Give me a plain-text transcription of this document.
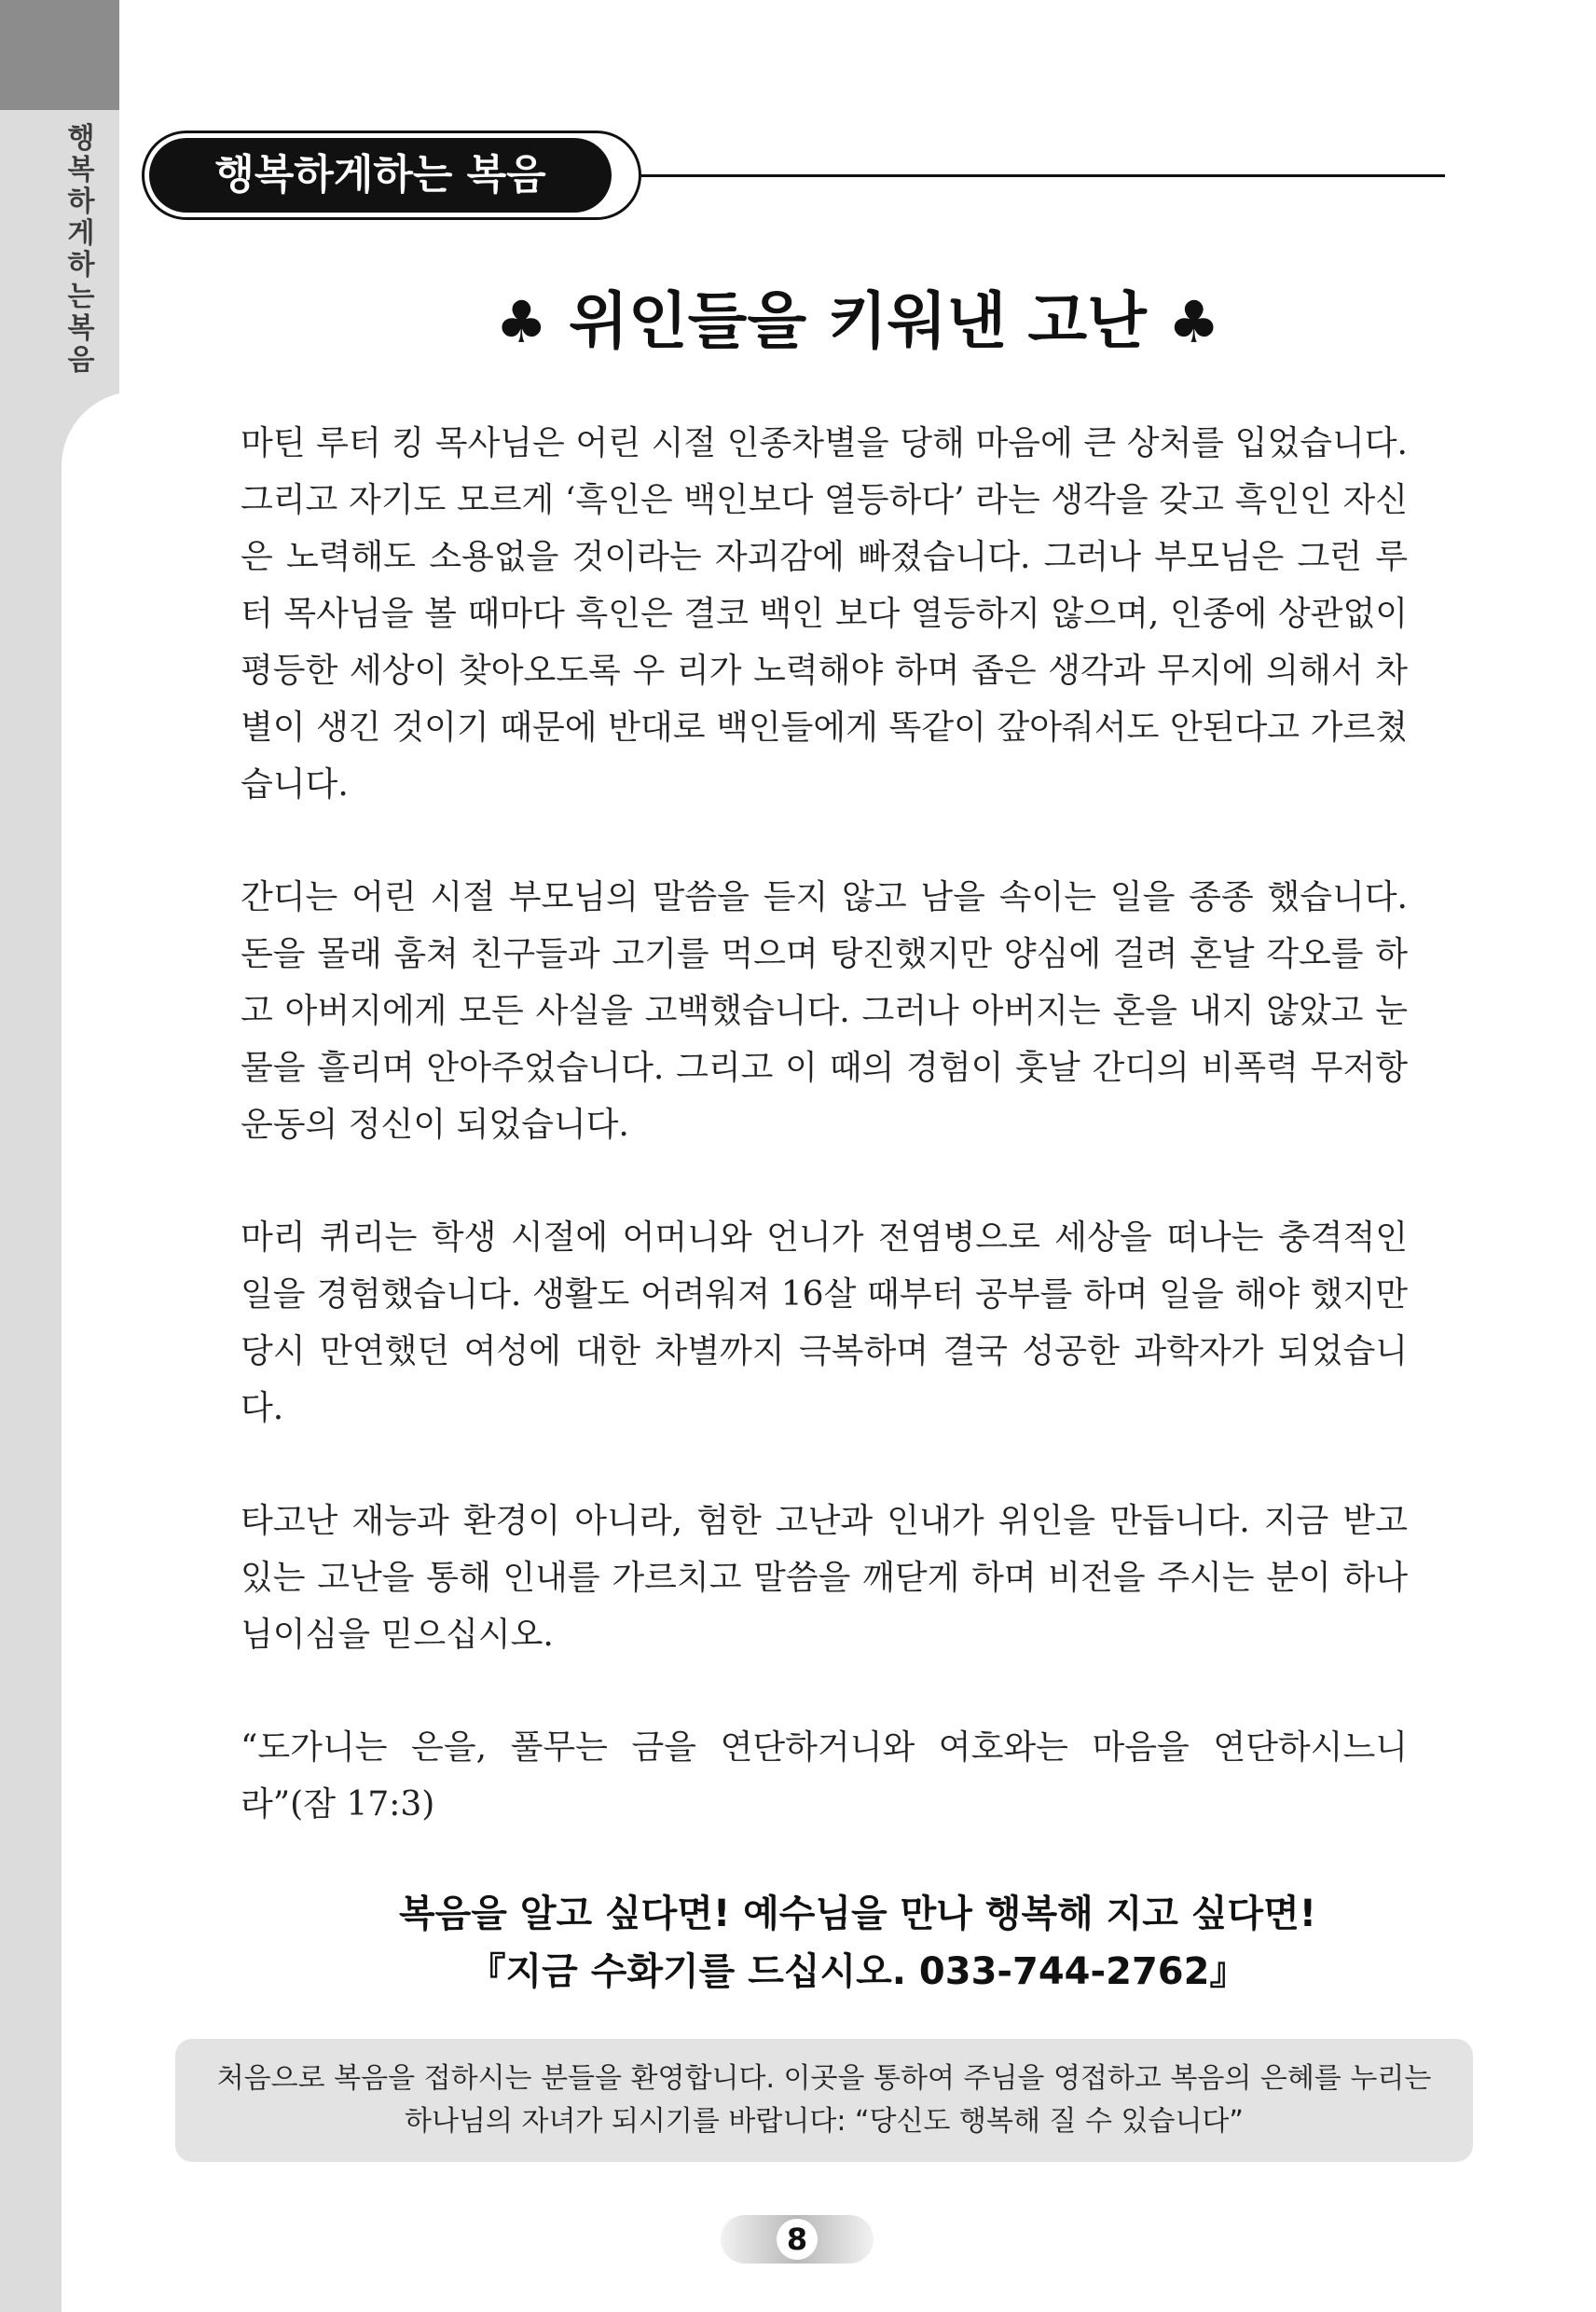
행복하게하는 복음
행복하게하는 복음
♣ 위인들을 키워낸 고난 ♣

마틴 루터 킹 목사님은 어린 시절 인종차별을 당해 마음에 큰 상처를 입었습니다. 그리고 자기도 모르게 ‘흑인은 백인보다 열등하다’ 라는 생각을 갖고 흑인인 자신은 노력해도 소용없을 것이라는 자괴감에 빠졌습니다. 그러나 부모님은 그런 루터 목사님을 볼 때마다 흑인은 결코 백인 보다 열등하지 않으며, 인종에 상관없이 평등한 세상이 찾아오도록 우 리가 노력해야 하며 좁은 생각과 무지에 의해서 차별이 생긴 것이기 때문에 반대로 백인들에게 똑같이 갚아줘서도 안된다고 가르쳤습니다.

간디는 어린 시절 부모님의 말씀을 듣지 않고 남을 속이는 일을 종종 했습니다. 돈을 몰래 훔쳐 친구들과 고기를 먹으며 탕진했지만 양심에 걸려 혼날 각오를 하고 아버지에게 모든 사실을 고백했습니다. 그러나 아버지는 혼을 내지 않았고 눈물을 흘리며 안아주었습니다. 그리고 이 때의 경험이 훗날 간디의 비폭력 무저항 운동의 정신이 되었습니다.

마리 퀴리는 학생 시절에 어머니와 언니가 전염병으로 세상을 떠나는 충격적인 일을 경험했습니다. 생활도 어려워져 16살 때부터 공부를 하며 일을 해야 했지만 당시 만연했던 여성에 대한 차별까지 극복하며 결국 성공한 과학자가 되었습니다.

타고난 재능과 환경이 아니라, 험한 고난과 인내가 위인을 만듭니다. 지금 받고 있는 고난을 통해 인내를 가르치고 말씀을 깨닫게 하며 비전을 주시는 분이 하나님이심을 믿으십시오.

“도가니는 은을, 풀무는 금을 연단하거니와 여호와는 마음을 연단하시느니라”(잠 17:3)

복음을 알고 싶다면! 예수님을 만나 행복해 지고 싶다면!
『지금 수화기를 드십시오. 033-744-2762』
처음으로 복음을 접하시는 분들을 환영합니다. 이곳을 통하여 주님을 영접하고 복음의 은혜를 누리는
하나님의 자녀가 되시기를 바랍니다: “당신도 행복해 질 수 있습니다”
8
